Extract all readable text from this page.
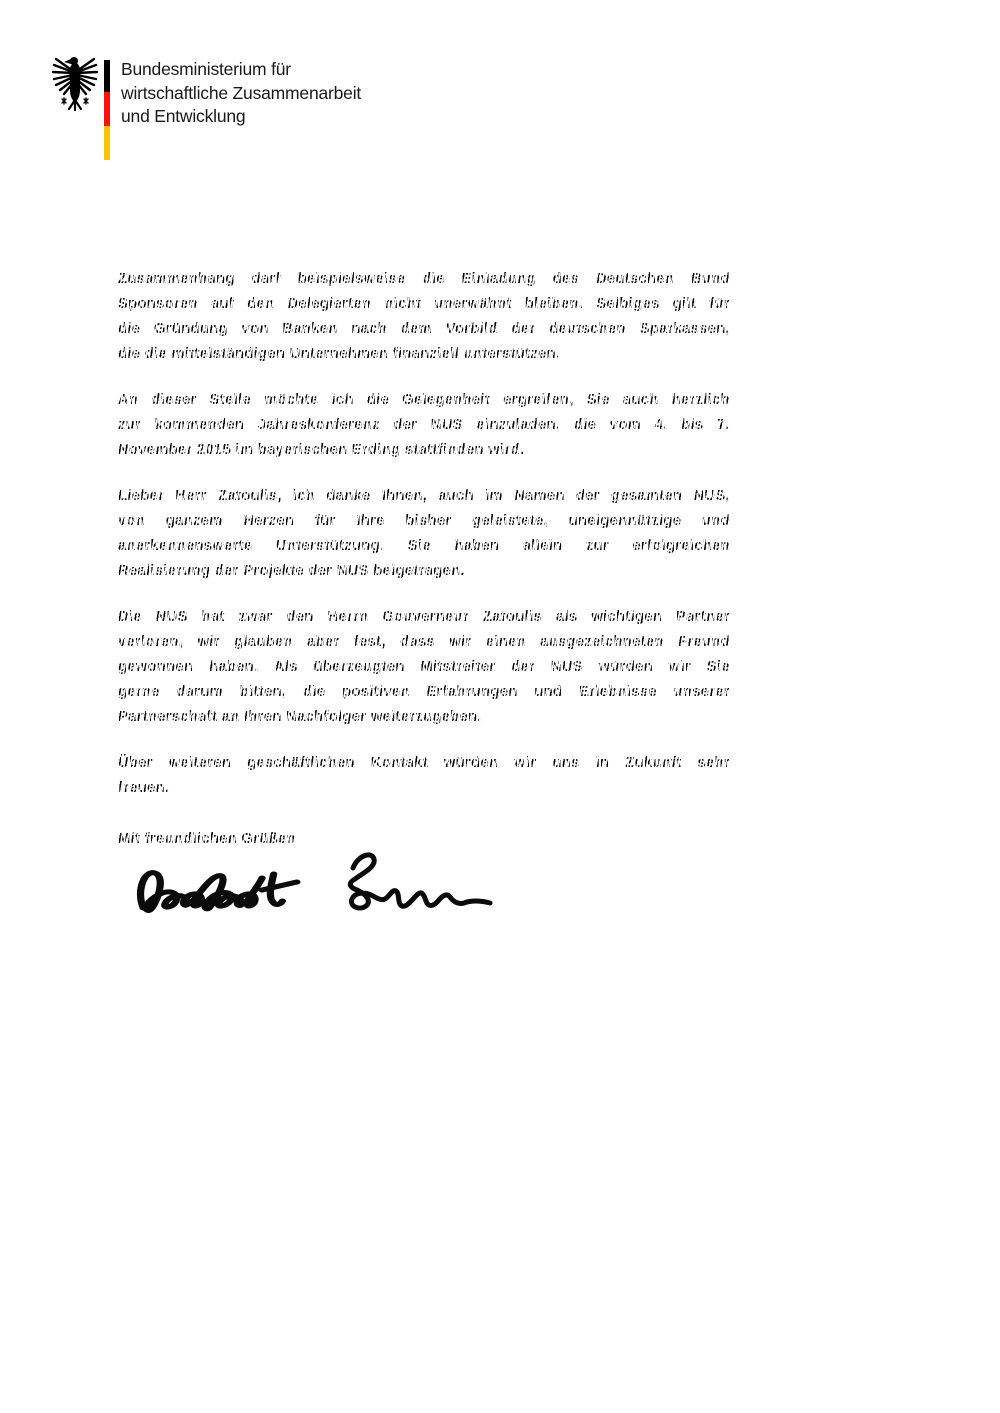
Bundesministerium für
wirtschaftliche Zusammenarbeit
und Entwicklung
Zusammenhang darf beispielsweise die Einladung des Deutschen Bund
Sponsoren auf den Delegierten nicht unerwähnt bleiben. Selbiges gilt für
die Gründung von Banken nach dem Vorbild der deutschen Sparkassen,
die die mittelständigen Unternehmen finanziell unterstützen.
An dieser Stelle möchte ich die Gelegenheit ergreifen, Sie auch herzlich
zur kommenden Jahreskonferenz der NUS einzuladen, die vom 4. bis 7.
November 2015 im bayerischen Erding stattfinden wird.
Lieber Herr Zatoulis, ich danke Ihnen, auch im Namen der gesamten NUS,
von ganzem Herzen für Ihre bisher geleistete, uneigennützige und
anerkennenswerte Unterstützung. Sie haben allein zur erfolgreichen
Realisierung der Projekte der NUS beigetragen.
Die NUS hat zwar den Herrn Gouverneur Zatoulis als wichtigen Partner
verloren, wir glauben aber fest, dass wir einen ausgezeichneten Freund
gewonnen haben. Als überzeugten Mitstreiter der NUS würden wir Sie
gerne darum bitten, die positiven Erfahrungen und Erlebnisse unserer
Partnerschaft an Ihren Nachfolger weiterzugeben.
Über weiteren geschäftlichen Kontakt würden wir uns in Zukunft sehr
freuen.
Mit freundlichen Grüßen
